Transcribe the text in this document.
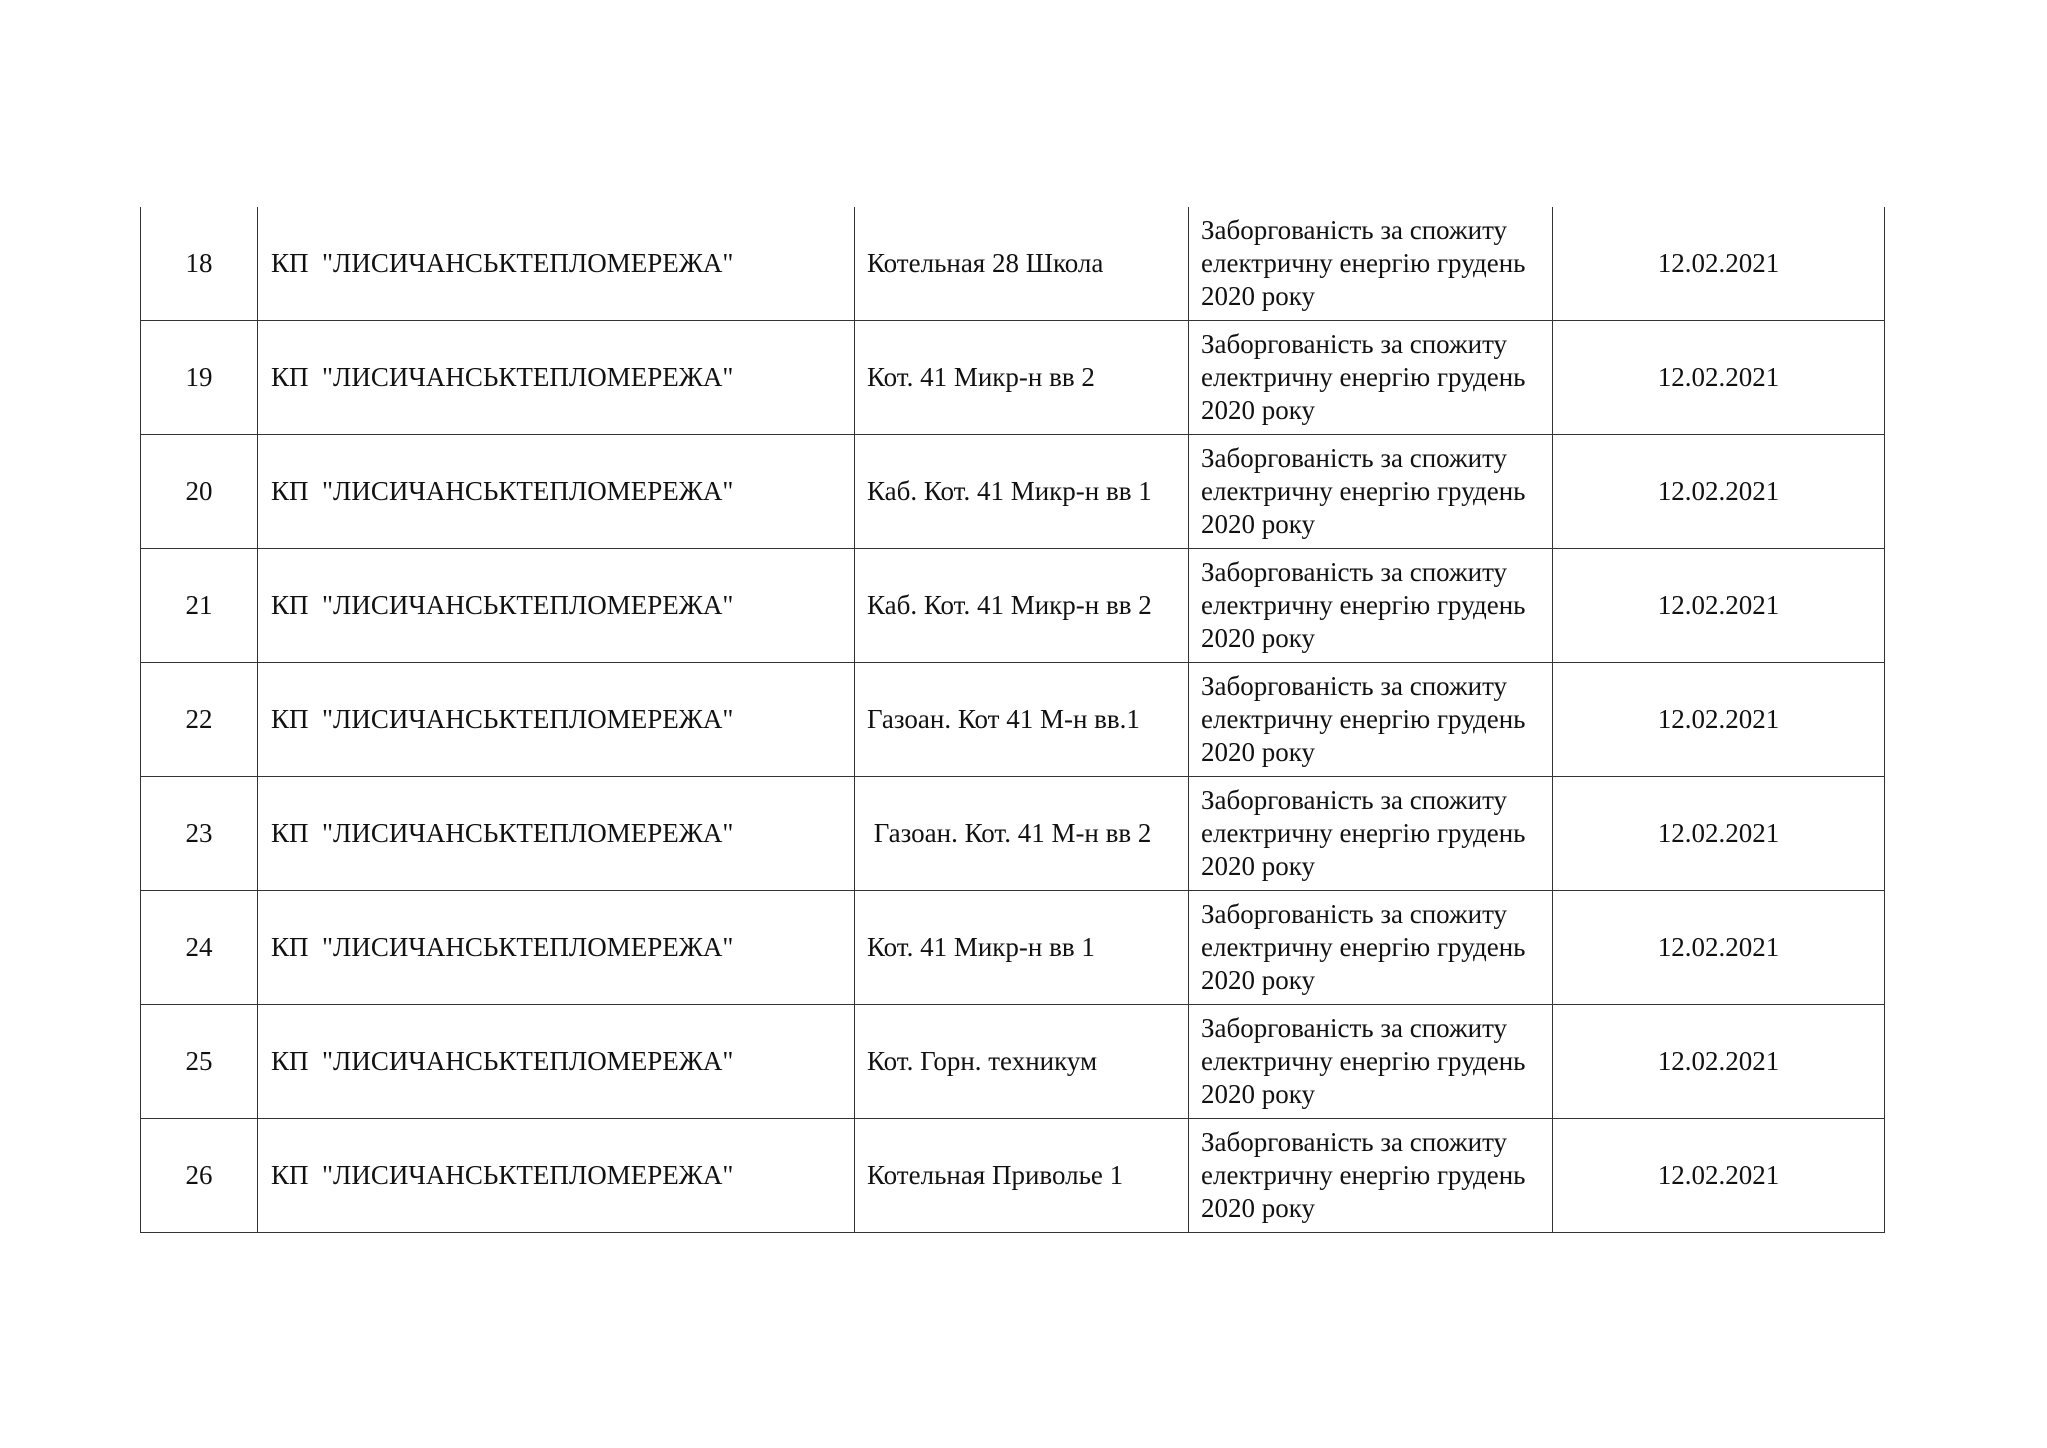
18	КП  "ЛИСИЧАНСЬКТЕПЛОМЕРЕЖА"	Котельная 28 Школа	Заборгованість за спожиту електричну енергію грудень 2020 року	12.02.2021
19	КП  "ЛИСИЧАНСЬКТЕПЛОМЕРЕЖА"	Кот. 41 Микр-н вв 2	Заборгованість за спожиту електричну енергію грудень 2020 року	12.02.2021
20	КП  "ЛИСИЧАНСЬКТЕПЛОМЕРЕЖА"	Каб. Кот. 41 Микр-н вв 1	Заборгованість за спожиту електричну енергію грудень 2020 року	12.02.2021
21	КП  "ЛИСИЧАНСЬКТЕПЛОМЕРЕЖА"	Каб. Кот. 41 Микр-н вв 2	Заборгованість за спожиту електричну енергію грудень 2020 року	12.02.2021
22	КП  "ЛИСИЧАНСЬКТЕПЛОМЕРЕЖА"	Газоан. Кот 41 М-н вв.1	Заборгованість за спожиту електричну енергію грудень 2020 року	12.02.2021
23	КП  "ЛИСИЧАНСЬКТЕПЛОМЕРЕЖА"	Газоан. Кот. 41 М-н вв 2	Заборгованість за спожиту електричну енергію грудень 2020 року	12.02.2021
24	КП  "ЛИСИЧАНСЬКТЕПЛОМЕРЕЖА"	Кот. 41 Микр-н вв 1	Заборгованість за спожиту електричну енергію грудень 2020 року	12.02.2021
25	КП  "ЛИСИЧАНСЬКТЕПЛОМЕРЕЖА"	Кот. Горн. техникум	Заборгованість за спожиту електричну енергію грудень 2020 року	12.02.2021
26	КП  "ЛИСИЧАНСЬКТЕПЛОМЕРЕЖА"	Котельная Приволье 1	Заборгованість за спожиту електричну енергію грудень 2020 року	12.02.2021
